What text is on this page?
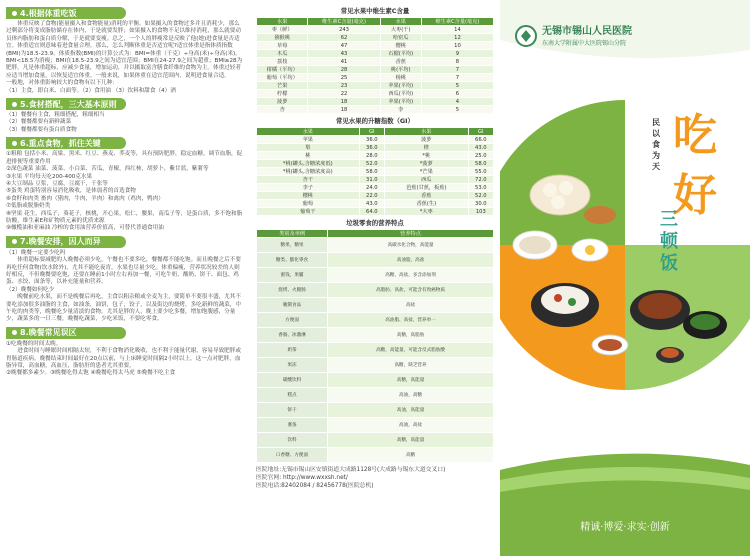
4.根据体重吃饭
体重反映了食物(能量摄入和食物能量)消耗的平衡。如果摄入的食物过多并且消耗少，那么过剩部分将变成脂肪储存在体内，于是就要发胖；如果摄入的食物不足以维持消耗，那么就要动员体内脂肪和蛋白质分解，于是就要变瘦。总之，一个人的胖瘦常是反映了他(她)进食量是否适宜。体重适宜则意味着进食量合理。那么，怎么判断体重是否适宜呢?适宜体重是指体质指数(BMI)为18.5-23.9。体质指数(BMI)的计算公式为：BMI=体重（千克）÷身高(米)÷身高(米)。BMI<18.5为消瘦；BMI在18.5-23.9之间为适宜范围；BMI在24-27.9之间为超重；BMI≥28为肥胖。凡是体重超标，应减少食量，增加运动，并以摄取富含膳食纤维的食物为主。体重过轻者应适当增加食量，以恢复适宜体重。一般来说，如果体重在适宜范围内，说明进食量合适。
一般地，对体重影响较大的食物有以下几种：
（1）主食，即白米、白面等。（2）食用油 （3）饮料和甜食（4）酒
5.食材搭配，三大基本原则
（1）餐餐有主食，粗细搭配，粗细相当
（2）餐餐都要有新鲜蔬菜
（3）餐餐都要有蛋白质食物
6.重点食物，抓住关键
①粗粮 包括小米、高粱、黑米、红豆、燕麦、荞麦等，具有预防肥胖，稳定血糖，调节血脂，促进排便等重要作用
②深色蔬菜 油菜、菠菜、小白菜、苦瓜，青椒，西红柿，胡萝卜，紫甘蓝，紫薯等
③水果 平均每天吃200-400克水果
④大豆制品 豆浆，豆腐，豆腐干，千张等
⑤蛋类 鸡蛋特别容易消化吸收，是体弱者的首选食物
⑥食籽和肉类 畜肉（猪肉，牛肉，羊肉）和禽肉（鸡肉，鸭肉）
⑦低脂或脱脂奶类
⑧坚果 花生，西瓜子，葵花子，核桃，开心果，松仁，腰果，南瓜子等，是蛋白质，多不饱和脂肪酸，维生素E和矿物质元素的优质来源
⑨橄榄油和亚麻油 冷榨的食用油营养价值高，可替代普通食用油
7.晚餐安排，因人而异
（1）晚餐一定要少吃吗
体重超标要减肥的人晚餐必须少吃，午餐也不要多吃，餐餐都不能吃饱。而且晚餐之后不要再吃任何食物(饮水除外)，尤其不能吃夜宵。水果也尽量少吃。体重偏瘦，营养状况较差的人则好相反，不但晚餐要吃饱，还要在睡前1小时左右再加一餐，可吃牛奶、酸奶、饼干、面包、鸡蛋、水饺、面条等，以补充能量和营养。
（2）晚餐如何吃少
晚餐前吃水果，而不是晚餐后再吃，主食以粗杂粮或全麦为主，要简单不要很丰盛，尤其不要吃添加很多油脂的主食，如油条，油饼，包子，饺子，以及街边的烧烤，多吃新鲜的蔬菜，中午吃的肉类等，晚餐吃少量清淡的食物。尤其是胖的人，晚上要少吃多餐，增加饱腹感，分量少，蔬菜多的一日三餐，晚餐吃蔬菜，少吃米饭，不要吃零食。
8.晚餐常见误区
①吃晚餐的时间太晚。
进食时间与睡眠时间相隔太短，不利于食物消化吸收，也不利于能量代谢，容易导致肥胖或胃肠道疾病。晚餐结束时间最好在20点以前，与上床睡觉时间隔2小时以上。这一点对肥胖，血脂异常，高血糖，高血压，脂肪肝的患者尤其重要。
②晚餐都多素少。③晚餐吃得太饱 ④晚餐吃得太马虎 ⑤晚餐不吃主食
常见水果中维生素C含量
水果	维生素C含量(毫克)	水果	维生素C含量(毫克)
枣（鲜）	243	大枣(干)	14
猕猴桃	62	哈密瓜	12
草莓	47	樱桃	10
木瓜	43	石榴(平均)	9
荔枝	41	香蕉	8
柑橘（平均）	28	桃(平均)	7
葡萄（平均）	25	杨桃	7
芒果	23	苹果(平均)	5
柠檬	22	西瓜(平均)	6
菠萝	18	苹果(平均)	4
杏	18	李	5
常见水果的升糖指数（GI）
水果	GI	水果	GI
苹果	36.0	菠萝	66.0
梨	36.0	橙	43.0
桃	28.0	*桃	25.0
*桃(罐头,含糖浓度低)	52.0	*菠萝	58.0
*桃(罐头,含糖浓度高)	58.0	*芒果	55.0
杏干	31.0	西瓜	72.0
李子	24.0	芭蕉(甘蕉，板蕉)	53.0
樱桃	22.0	香蕉	52.0
葡萄	43.0	香蕉(生)	30.0
葡萄干	64.0	*大枣	103
垃圾零食的营养特点
类别及举例	营养特点
糖果，糖果	高碳水化合物，高能量
糖类、膨化零食	高油脂，高盐
蜜饯，果脯	高糖，高盐，多含添加剂
烧烤、火腿肠	高脂肪、高盐，可能含有致癌物质
腌制食品	高盐
方便面	高油脂、高盐，营养单一
香肠、冰激淋	高糖，高脂肪
奶茶	高糖，高能量，可能含反式脂肪酸
果冻	高糖，缺乏营养
碳酸饮料	高糖，高能量
糕点	高油，高糖
饼干	高油，高能量
薯条	高油，高盐
饮料	高糖，高能量
口香糖、方便面	高糖
医院地址:无锡市锡山区安镇街道大成路1128号(大成路与锡东大道交叉口)
医院官网: http://www.wxxsh.net/
医院电话:82402084 / 82456778(医院总机)
无锡市锡山人民医院
东南大学附属中大医院锡山分院
吃
好
民以食为天
三顿饭
精诚·博爱·求实·创新
